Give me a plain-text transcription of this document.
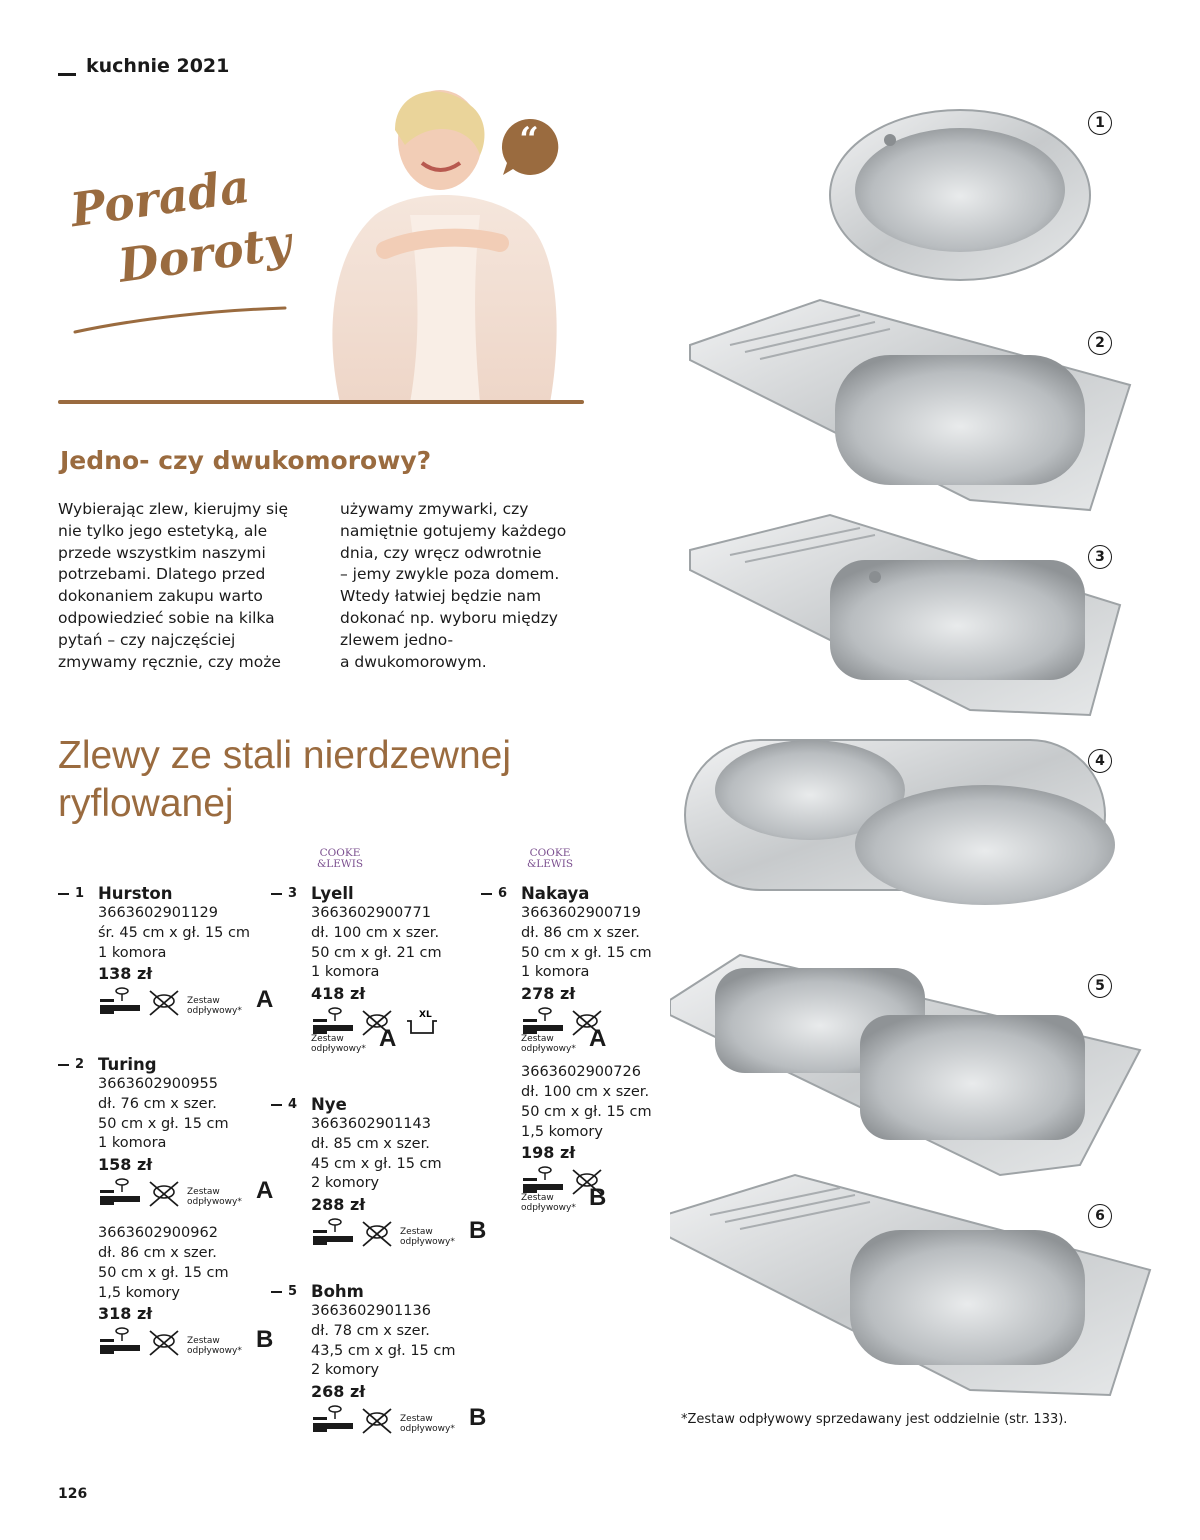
kuchnie 2021
Porada
Doroty
“
Jedno- czy dwukomorowy?
Wybierając zlew, kierujmy się
nie tylko jego estetyką, ale
przede wszystkim naszymi
potrzebami. Dlatego przed
dokonaniem zakupu warto
odpowiedzieć sobie na kilka
pytań – czy najczęściej
zmywamy ręcznie, czy może
używamy zmywarki, czy
namiętnie gotujemy każdego
dnia, czy wręcz odwrotnie
– jemy zwykle poza domem.
Wtedy łatwiej będzie nam
dokonać np. wyboru między
zlewem jedno-
a dwukomorowym.
Zlewy ze stali nierdzewnej
ryflowanej
COOKE
&LEWIS
COOKE
&LEWIS
1 Hurston
3663602901129
śr. 45 cm x gł. 15 cm
1 komora
138 zł
Zestaw
odpływowy* A
2 Turing
3663602900955
dł. 76 cm x szer.
50 cm x gł. 15 cm
1 komora
158 zł
Zestaw
odpływowy* A
3663602900962
dł. 86 cm x szer.
50 cm x gł. 15 cm
1,5 komory
318 zł
Zestaw
odpływowy* B
3 Lyell
3663602900771
dł. 100 cm x szer.
50 cm x gł. 21 cm
1 komora
418 zł
XL
Zestaw
odpływowy* A
4 Nye
3663602901143
dł. 85 cm x szer.
45 cm x gł. 15 cm
2 komory
288 zł
Zestaw
odpływowy* B
5 Bohm
3663602901136
dł. 78 cm x szer.
43,5 cm x gł. 15 cm
2 komory
268 zł
Zestaw
odpływowy* B
6 Nakaya
3663602900719
dł. 86 cm x szer.
50 cm x gł. 15 cm
1 komora
278 zł
Zestaw
odpływowy* A
3663602900726
dł. 100 cm x szer.
50 cm x gł. 15 cm
1,5 komory
198 zł
Zestaw
odpływowy* B
1
2
3
4
5
6
*Zestaw odpływowy sprzedawany jest oddzielnie (str. 133).
126
